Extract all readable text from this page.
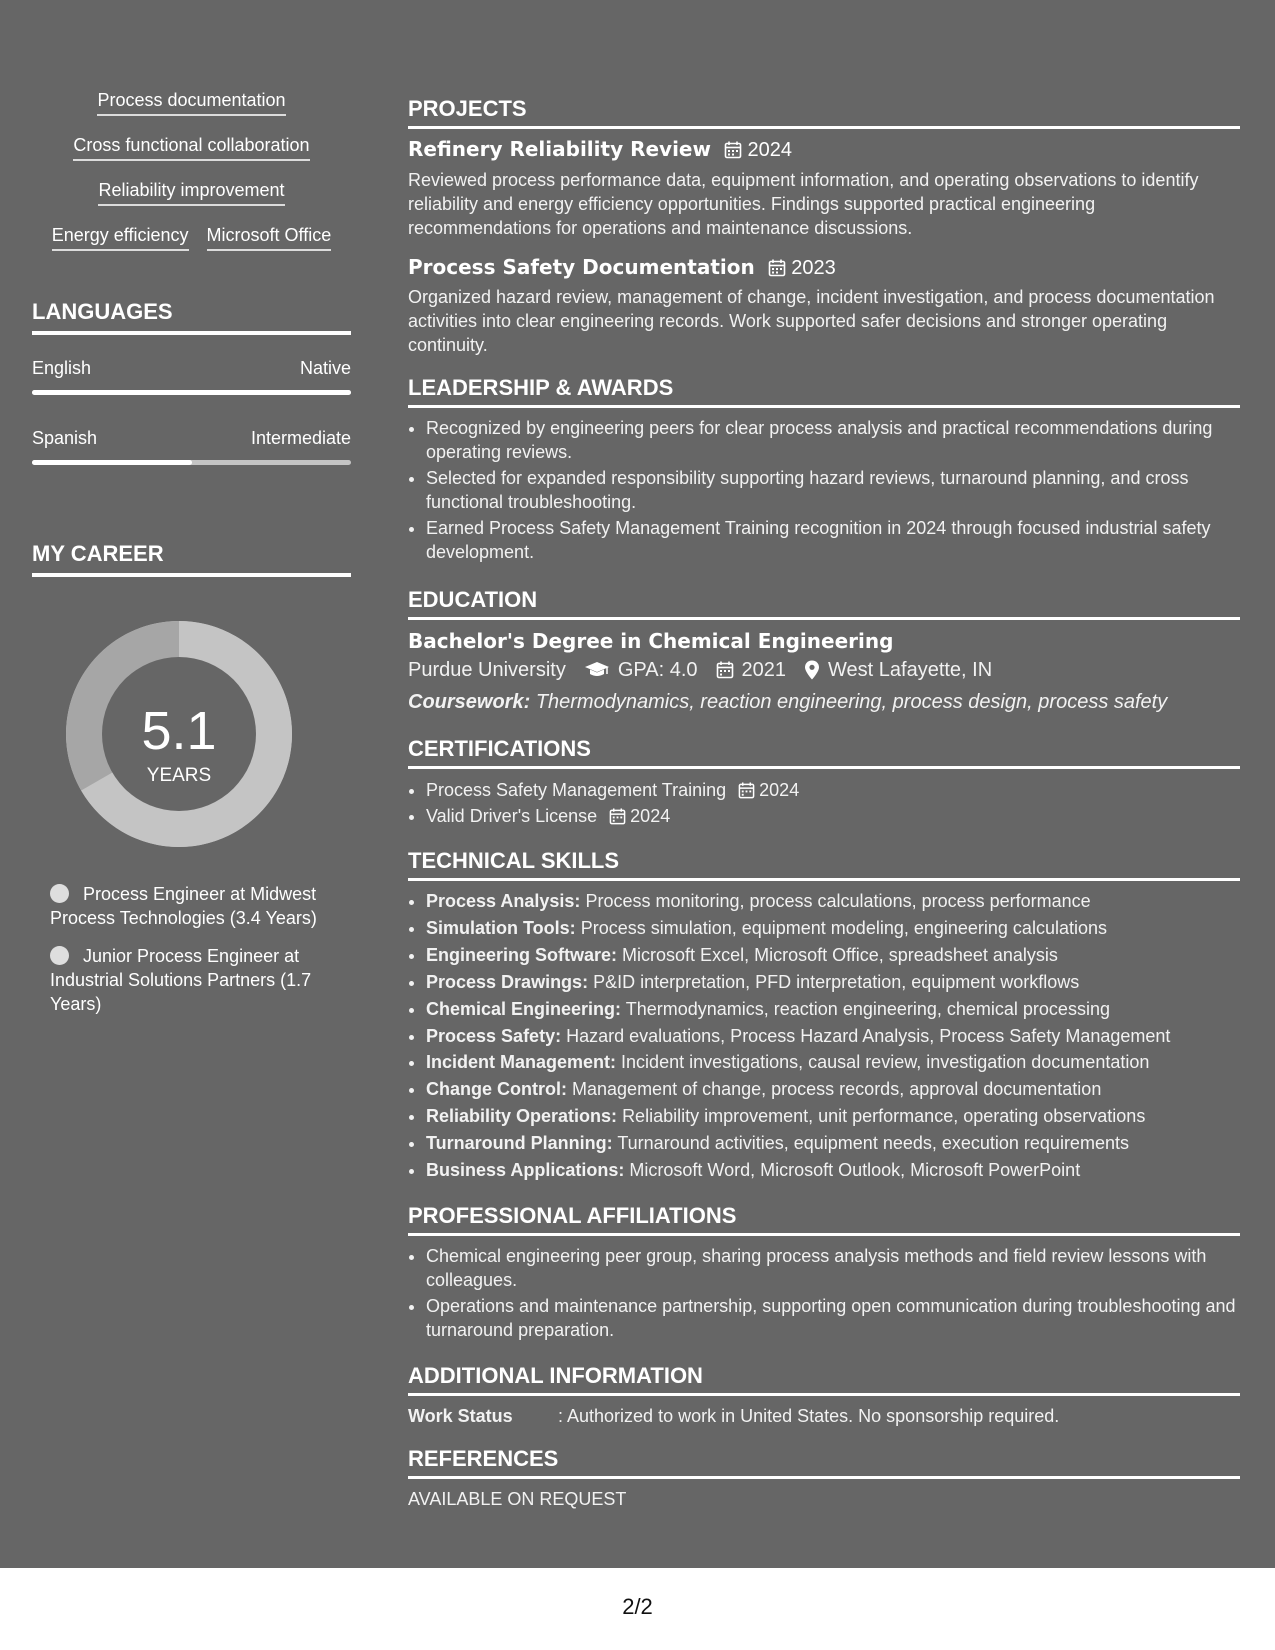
Process documentation
Cross functional collaboration
Reliability improvement
Energy efficiency Microsoft Office
LANGUAGES
English	Native
Spanish	Intermediate
MY CAREER
5.1
YEARS
Process Engineer at Midwest Process Technologies (3.4 Years)
Junior Process Engineer at Industrial Solutions Partners (1.7 Years)
PROJECTS
Refinery Reliability Review 2024
Reviewed process performance data, equipment information, and operating observations to identify reliability and energy efficiency opportunities. Findings supported practical engineering recommendations for operations and maintenance discussions.
Process Safety Documentation 2023
Organized hazard review, management of change, incident investigation, and process documentation activities into clear engineering records. Work supported safer decisions and stronger operating continuity.
LEADERSHIP & AWARDS
• Recognized by engineering peers for clear process analysis and practical recommendations during operating reviews.
• Selected for expanded responsibility supporting hazard reviews, turnaround planning, and cross functional troubleshooting.
• Earned Process Safety Management Training recognition in 2024 through focused industrial safety development.
EDUCATION
Bachelor's Degree in Chemical Engineering
Purdue University	GPA: 4.0 2021 West Lafayette, IN
Coursework: Thermodynamics, reaction engineering, process design, process safety
CERTIFICATIONS
• Process Safety Management Training 2024
• Valid Driver's License 2024
TECHNICAL SKILLS
• Process Analysis: Process monitoring, process calculations, process performance
• Simulation Tools: Process simulation, equipment modeling, engineering calculations
• Engineering Software: Microsoft Excel, Microsoft Office, spreadsheet analysis
• Process Drawings: P&ID interpretation, PFD interpretation, equipment workflows
• Chemical Engineering: Thermodynamics, reaction engineering, chemical processing
• Process Safety: Hazard evaluations, Process Hazard Analysis, Process Safety Management
• Incident Management: Incident investigations, causal review, investigation documentation
• Change Control: Management of change, process records, approval documentation
• Reliability Operations: Reliability improvement, unit performance, operating observations
• Turnaround Planning: Turnaround activities, equipment needs, execution requirements
• Business Applications: Microsoft Word, Microsoft Outlook, Microsoft PowerPoint
PROFESSIONAL AFFILIATIONS
• Chemical engineering peer group, sharing process analysis methods and field review lessons with colleagues.
• Operations and maintenance partnership, supporting open communication during troubleshooting and turnaround preparation.
ADDITIONAL INFORMATION
Work Status	: Authorized to work in United States. No sponsorship required.
REFERENCES
AVAILABLE ON REQUEST
2/2
